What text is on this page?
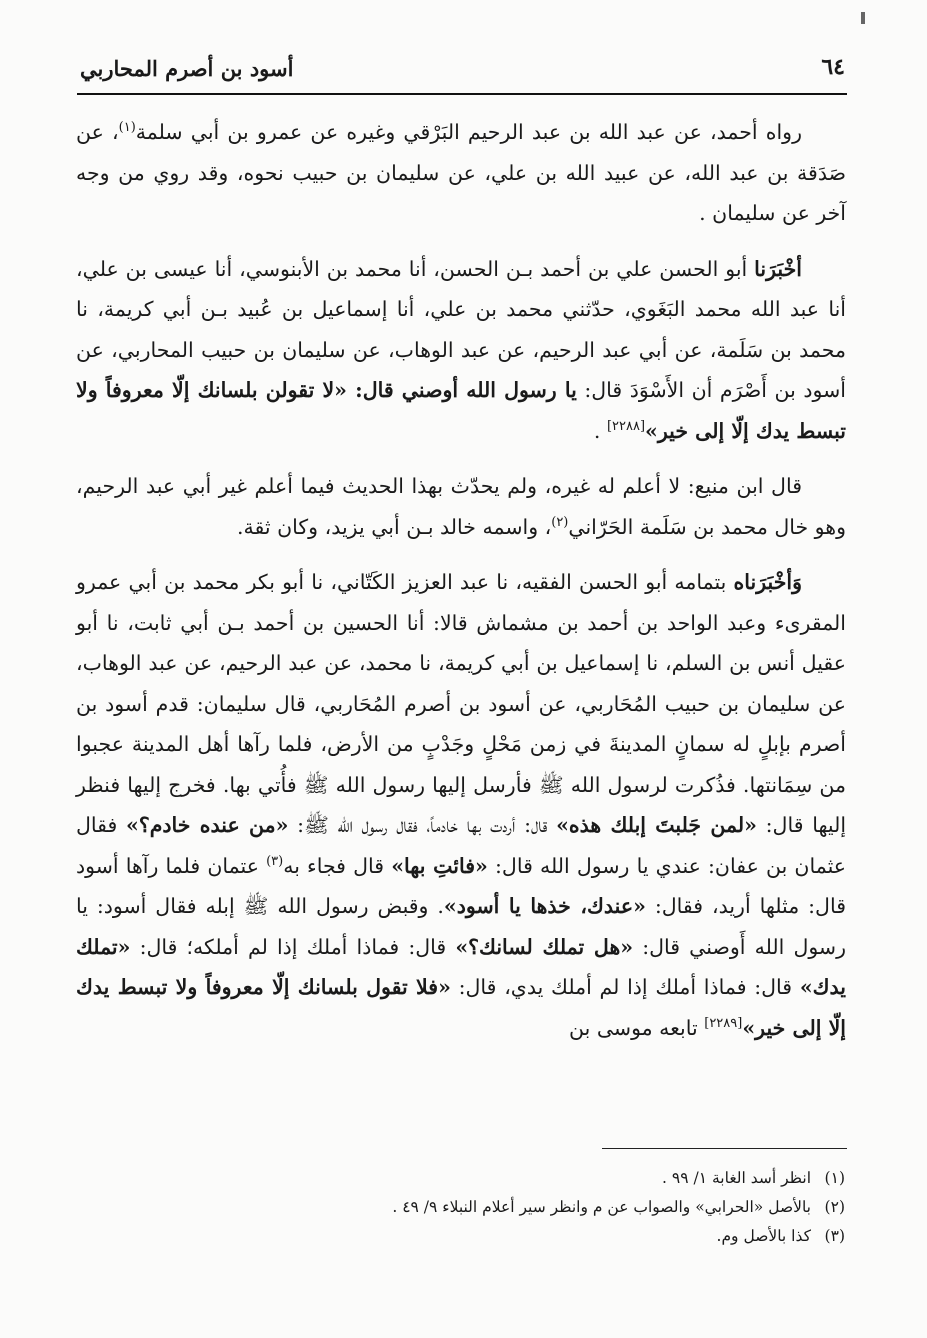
٦٤
أسود بن أصرم المحاربي

رواه أحمد، عن عبد الله بن عبد الرحيم البَرْقي وغيره عن عمرو بن أبي سلمة$^{(١)}$، عن صَدَقة بن عبد الله، عن عبيد الله بن علي، عن سليمان بن حبيب نحوه، وقد روي من وجه آخر عن سليمان .

أخْبَرَنا أبو الحسن علي بن أحمد بـن الحسن، أنا محمد بن الأبنوسي، أنا عيسى بن علي، أنا عبد الله محمد البَغَوي، حدّثني محمد بن علي، أنا إسماعيل بن عُبيد بـن أبي كريمة، نا محمد بن سَلَمة، عن أبي عبد الرحيم، عن عبد الوهاب، عن سليمان بن حبيب المحاربي، عن أسود بن أَصْرَم أن الأَسْوَدَ قال: يا رسول الله أوصني قال: «لا تقولن بلسانك إلّا معروفاً ولا تبسط يدك إلّا إلى خير»[٢٢٨٨] .

قال ابن منيع: لا أعلم له غيره، ولم يحدّث بهذا الحديث فيما أعلم غير أبي عبد الرحيم، وهو خال محمد بن سَلَمة الحَرّاني$^{(٢)}$، واسمه خالد بـن أبي يزيد، وكان ثقة.

وَأخْبَرَناه بتمامه أبو الحسن الفقيه، نا عبد العزيز الكَتّاني، نا أبو بكر محمد بن أبي عمرو المقرىء وعبد الواحد بن أحمد بن مشماش قالا: أنا الحسين بن أحمد بـن أبي ثابت، نا أبو عقيل أنس بن السلم، نا إسماعيل بن أبي كريمة، نا محمد، عن عبد الرحيم، عن عبد الوهاب، عن سليمان بن حبيب المُحَاربي، عن أسود بن أصرم المُحَاربي، قال سليمان: قدم أسود بن أصرم بإبلٍ له سمانٍ المدينةَ في زمن مَحْلٍ وجَدْبٍ من الأرض، فلما رآها أهل المدينة عجبوا من سِمَانتها. فذُكرت لرسول الله ﷺ فأرسل إليها رسول الله ﷺ فأُتي بها. فخرج إليها فنظر إليها قال: «لمن جَلبتَ إبلك هذه» قال: أردت بها خادماً، فقال رسول الله ﷺ: «من عنده خادم؟» فقال عثمان بن عفان: عندي يا رسول الله قال: «فائتِ بها» قال فجاء به$^{(٣)}$ عتمان فلما رآها أسود قال: مثلها أريد، فقال: «عندك، خذها يا أسود». وقبض رسول الله ﷺ إبله فقال أسود: يا رسول الله أَوصني قال: «هل تملك لسانك؟» قال: فماذا أملك إذا لم أملكه؛ قال: «تملك يدك» قال: فماذا أملك إذا لم أملك يدي، قال: «فلا تقول بلسانك إلّا معروفاً ولا تبسط يدك إلّا إلى خير»[٢٢٨٩] تابعه موسى بن

(١)انظر أسد الغابة ١/ ٩٩ .

(٢)بالأصل «الحرابي» والصواب عن م وانظر سير أعلام النبلاء ٩/ ٤٩ .

(٣)كذا بالأصل وم.
